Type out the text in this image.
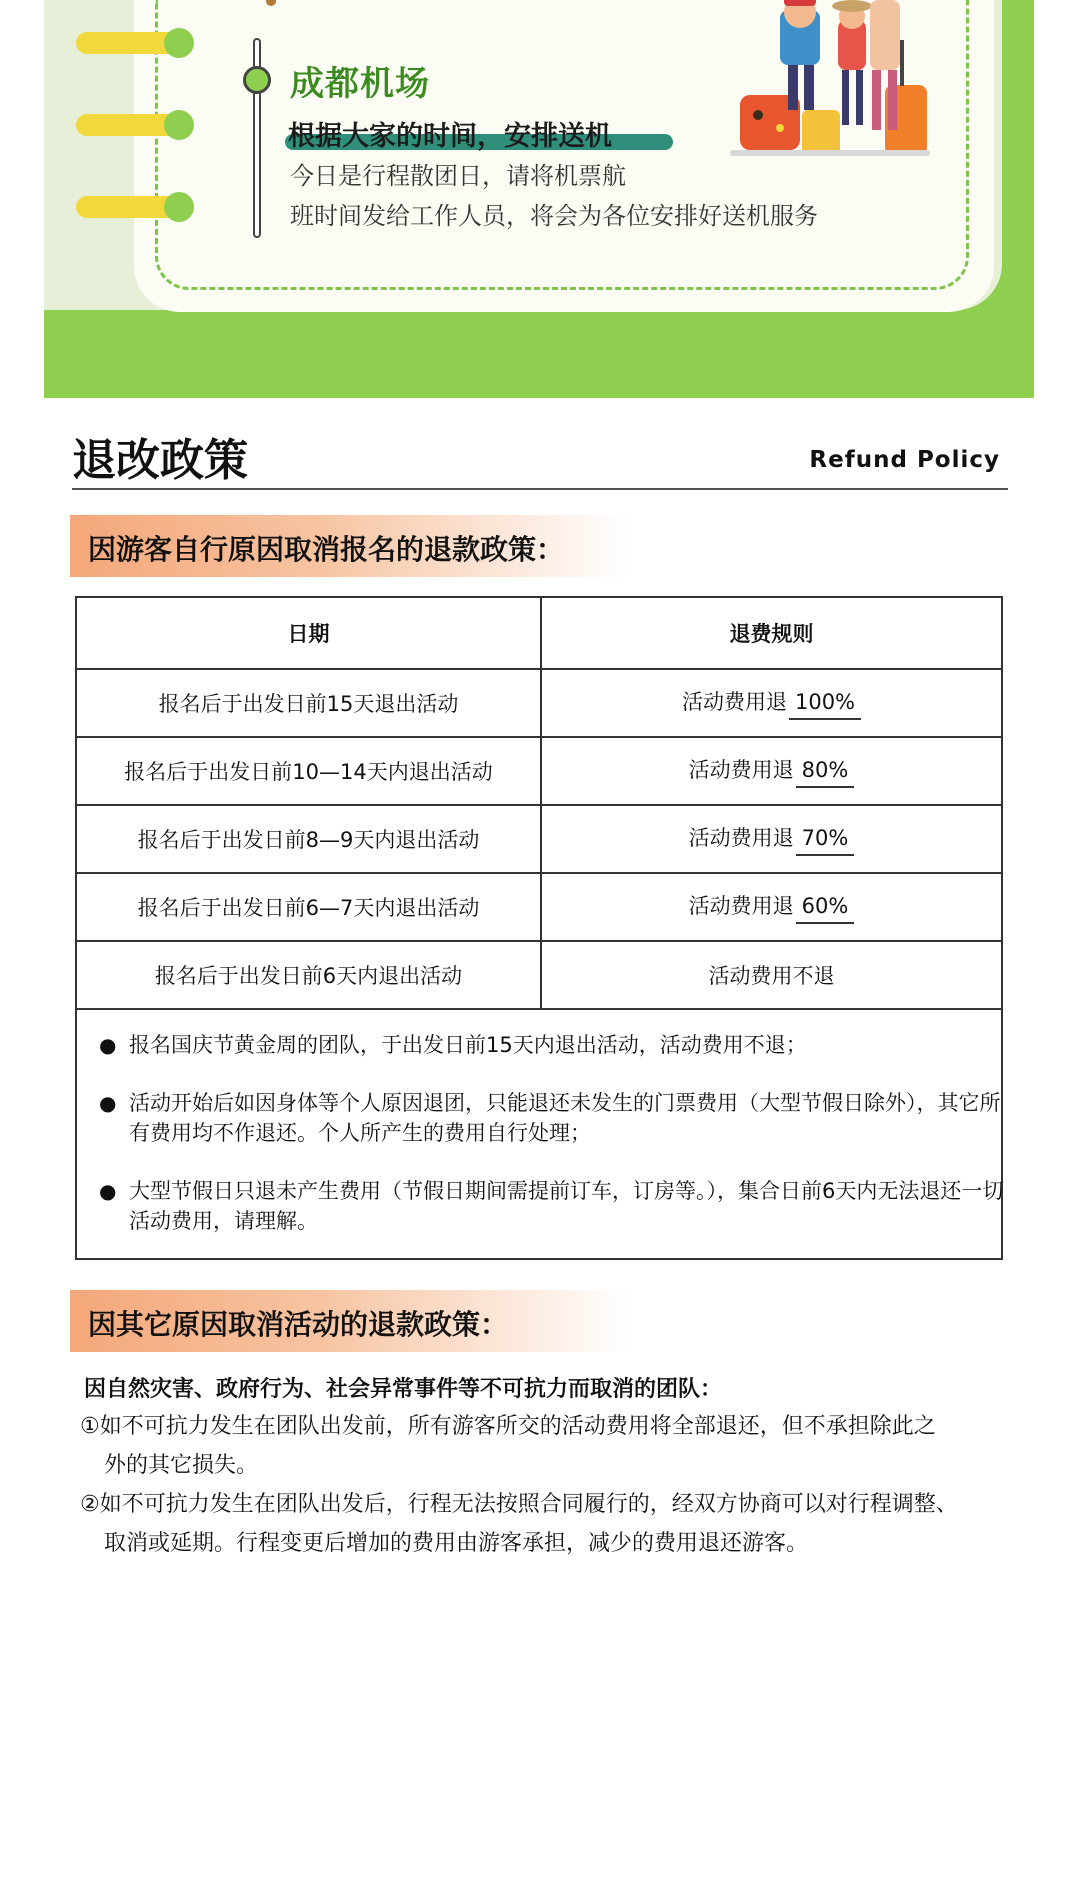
成都机场
根据大家的时间，安排送机
今日是行程散团日，请将机票航
班时间发给工作人员，将会为各位安排好送机服务
退改政策	Refund Policy
因游客自行原因取消报名的退款政策：
日期	退费规则
报名后于出发日前15天退出活动	活动费用退 100%
报名后于出发日前10—14天内退出活动	活动费用退 80%
报名后于出发日前8—9天内退出活动	活动费用退 70%
报名后于出发日前6—7天内退出活动	活动费用退 60%
报名后于出发日前6天内退出活动	活动费用不退
● 报名国庆节黄金周的团队，于出发日前15天内退出活动，活动费用不退；
● 活动开始后如因身体等个人原因退团，只能退还未发生的门票费用（大型节假日除外），其它所有费用均不作退还。个人所产生的费用自行处理；
● 大型节假日只退未产生费用（节假日期间需提前订车，订房等。），集合日前6天内无法退还一切活动费用，请理解。
因其它原因取消活动的退款政策：
因自然灾害、政府行为、社会异常事件等不可抗力而取消的团队：
①如不可抗力发生在团队出发前，所有游客所交的活动费用将全部退还，但不承担除此之
外的其它损失。
②如不可抗力发生在团队出发后，行程无法按照合同履行的，经双方协商可以对行程调整、
取消或延期。行程变更后增加的费用由游客承担，减少的费用退还游客。
